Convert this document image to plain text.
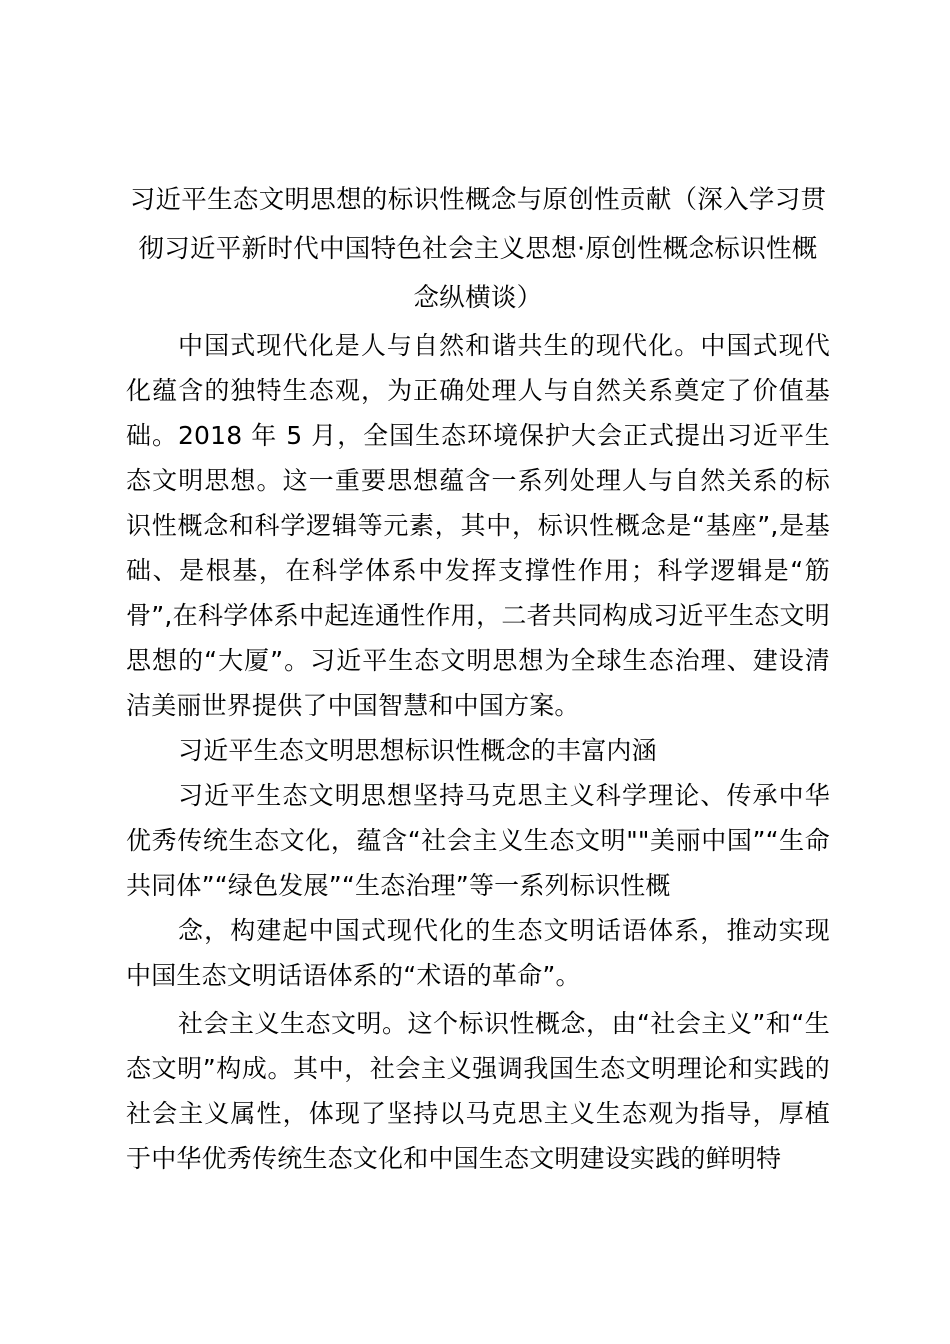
习近平生态文明思想的标识性概念与原创性贡献（深入学习贯彻习近平新时代中国特色社会主义思想·原创性概念标识性概念纵横谈）

中国式现代化是人与自然和谐共生的现代化。中国式现代化蕴含的独特生态观，为正确处理人与自然关系奠定了价值基础。2018 年 5 月，全国生态环境保护大会正式提出习近平生态文明思想。这一重要思想蕴含一系列处理人与自然关系的标识性概念和科学逻辑等元素，其中，标识性概念是“基座”,是基础、是根基，在科学体系中发挥支撑性作用；科学逻辑是“筋骨”,在科学体系中起连通性作用，二者共同构成习近平生态文明思想的“大厦”。习近平生态文明思想为全球生态治理、建设清洁美丽世界提供了中国智慧和中国方案。

习近平生态文明思想标识性概念的丰富内涵

习近平生态文明思想坚持马克思主义科学理论、传承中华优秀传统生态文化，蕴含“社会主义生态文明""美丽中国”“生命共同体”“绿色发展”“生态治理”等一系列标识性概

念，构建起中国式现代化的生态文明话语体系，推动实现中国生态文明话语体系的“术语的革命”。

社会主义生态文明。这个标识性概念，由“社会主义”和“生态文明”构成。其中，社会主义强调我国生态文明理论和实践的社会主义属性，体现了坚持以马克思主义生态观为指导，厚植于中华优秀传统生态文化和中国生态文明建设实践的鲜明特
